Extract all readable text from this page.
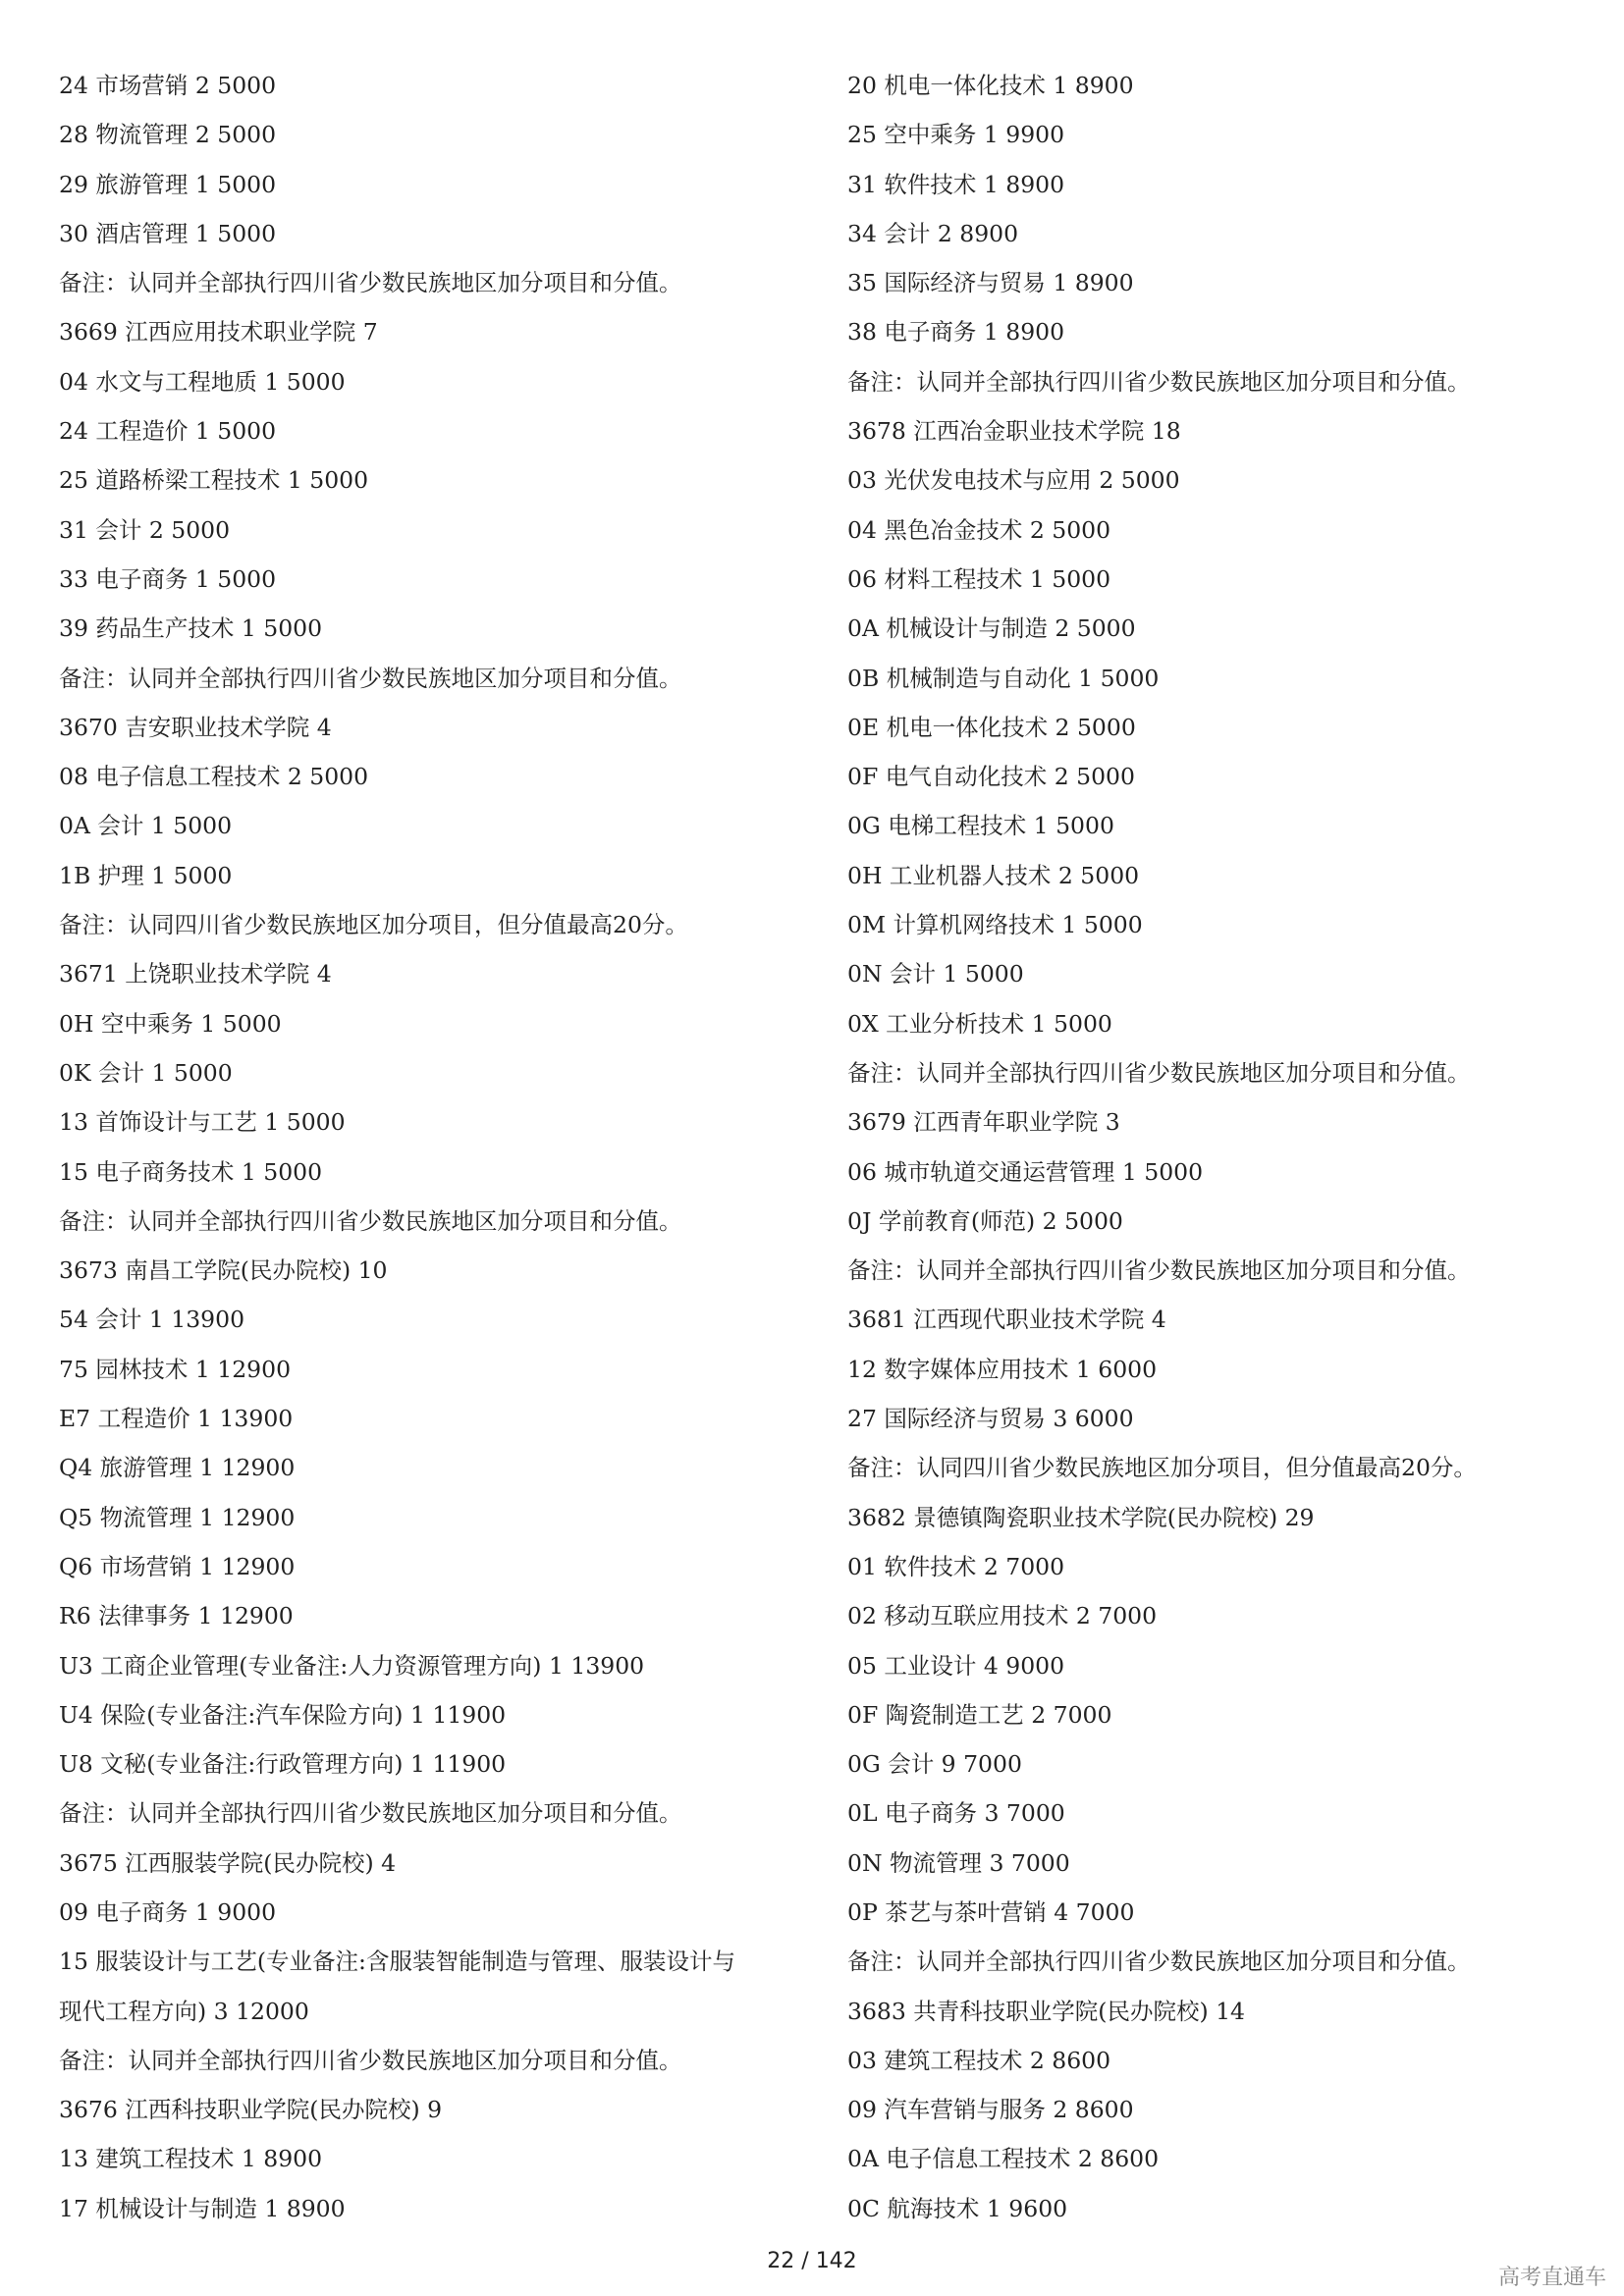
24 市场营销 2 5000
28 物流管理 2 5000
29 旅游管理 1 5000
30 酒店管理 1 5000
备注：认同并全部执行四川省少数民族地区加分项目和分值。
3669 江西应用技术职业学院 7
04 水文与工程地质 1 5000
24 工程造价 1 5000
25 道路桥梁工程技术 1 5000
31 会计 2 5000
33 电子商务 1 5000
39 药品生产技术 1 5000
备注：认同并全部执行四川省少数民族地区加分项目和分值。
3670 吉安职业技术学院 4
08 电子信息工程技术 2 5000
0A 会计 1 5000
1B 护理 1 5000
备注：认同四川省少数民族地区加分项目，但分值最高20分。
3671 上饶职业技术学院 4
0H 空中乘务 1 5000
0K 会计 1 5000
13 首饰设计与工艺 1 5000
15 电子商务技术 1 5000
备注：认同并全部执行四川省少数民族地区加分项目和分值。
3673 南昌工学院(民办院校) 10
54 会计 1 13900
75 园林技术 1 12900
E7 工程造价 1 13900
Q4 旅游管理 1 12900
Q5 物流管理 1 12900
Q6 市场营销 1 12900
R6 法律事务 1 12900
U3 工商企业管理(专业备注:人力资源管理方向) 1 13900
U4 保险(专业备注:汽车保险方向) 1 11900
U8 文秘(专业备注:行政管理方向) 1 11900
备注：认同并全部执行四川省少数民族地区加分项目和分值。
3675 江西服装学院(民办院校) 4
09 电子商务 1 9000
15 服装设计与工艺(专业备注:含服装智能制造与管理、服装设计与
现代工程方向) 3 12000
备注：认同并全部执行四川省少数民族地区加分项目和分值。
3676 江西科技职业学院(民办院校) 9
13 建筑工程技术 1 8900
17 机械设计与制造 1 8900
20 机电一体化技术 1 8900
25 空中乘务 1 9900
31 软件技术 1 8900
34 会计 2 8900
35 国际经济与贸易 1 8900
38 电子商务 1 8900
备注：认同并全部执行四川省少数民族地区加分项目和分值。
3678 江西冶金职业技术学院 18
03 光伏发电技术与应用 2 5000
04 黑色冶金技术 2 5000
06 材料工程技术 1 5000
0A 机械设计与制造 2 5000
0B 机械制造与自动化 1 5000
0E 机电一体化技术 2 5000
0F 电气自动化技术 2 5000
0G 电梯工程技术 1 5000
0H 工业机器人技术 2 5000
0M 计算机网络技术 1 5000
0N 会计 1 5000
0X 工业分析技术 1 5000
备注：认同并全部执行四川省少数民族地区加分项目和分值。
3679 江西青年职业学院 3
06 城市轨道交通运营管理 1 5000
0J 学前教育(师范) 2 5000
备注：认同并全部执行四川省少数民族地区加分项目和分值。
3681 江西现代职业技术学院 4
12 数字媒体应用技术 1 6000
27 国际经济与贸易 3 6000
备注：认同四川省少数民族地区加分项目，但分值最高20分。
3682 景德镇陶瓷职业技术学院(民办院校) 29
01 软件技术 2 7000
02 移动互联应用技术 2 7000
05 工业设计 4 9000
0F 陶瓷制造工艺 2 7000
0G 会计 9 7000
0L 电子商务 3 7000
0N 物流管理 3 7000
0P 茶艺与茶叶营销 4 7000
备注：认同并全部执行四川省少数民族地区加分项目和分值。
3683 共青科技职业学院(民办院校) 14
03 建筑工程技术 2 8600
09 汽车营销与服务 2 8600
0A 电子信息工程技术 2 8600
0C 航海技术 1 9600
22 / 142
高考直通车
